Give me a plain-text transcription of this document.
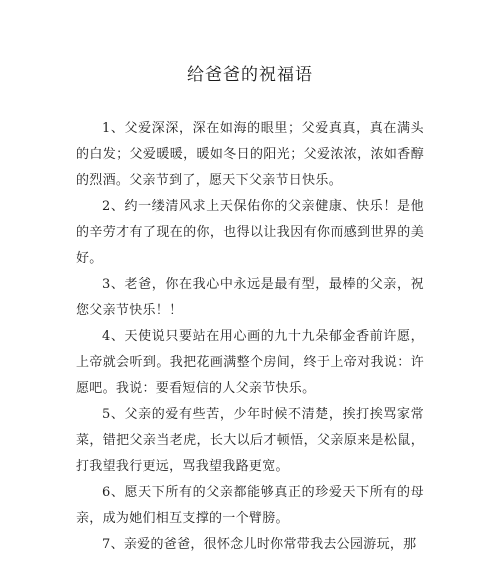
给爸爸的祝福语
1、父爱深深，深在如海的眼里；父爱真真，真在满头的白发；父爱暖暖，暖如冬日的阳光；父爱浓浓，浓如香醇的烈酒。父亲节到了，愿天下父亲节日快乐。
2、约一缕清风求上天保佑你的父亲健康、快乐！是他的辛劳才有了现在的你，也得以让我因有你而感到世界的美好。
3、老爸，你在我心中永远是最有型，最棒的父亲，祝您父亲节快乐！！
4、天使说只要站在用心画的九十九朵郁金香前许愿，上帝就会听到。我把花画满整个房间，终于上帝对我说：许愿吧。我说：要看短信的人父亲节快乐。
5、父亲的爱有些苦，少年时候不清楚，挨打挨骂家常菜，错把父亲当老虎，长大以后才顿悟，父亲原来是松鼠，打我望我行更远，骂我望我路更宽。
6、愿天下所有的父亲都能够真正的珍爱天下所有的母亲，成为她们相互支撑的一个臂膀。
7、亲爱的爸爸，很怀念儿时你常带我去公园游玩，那
